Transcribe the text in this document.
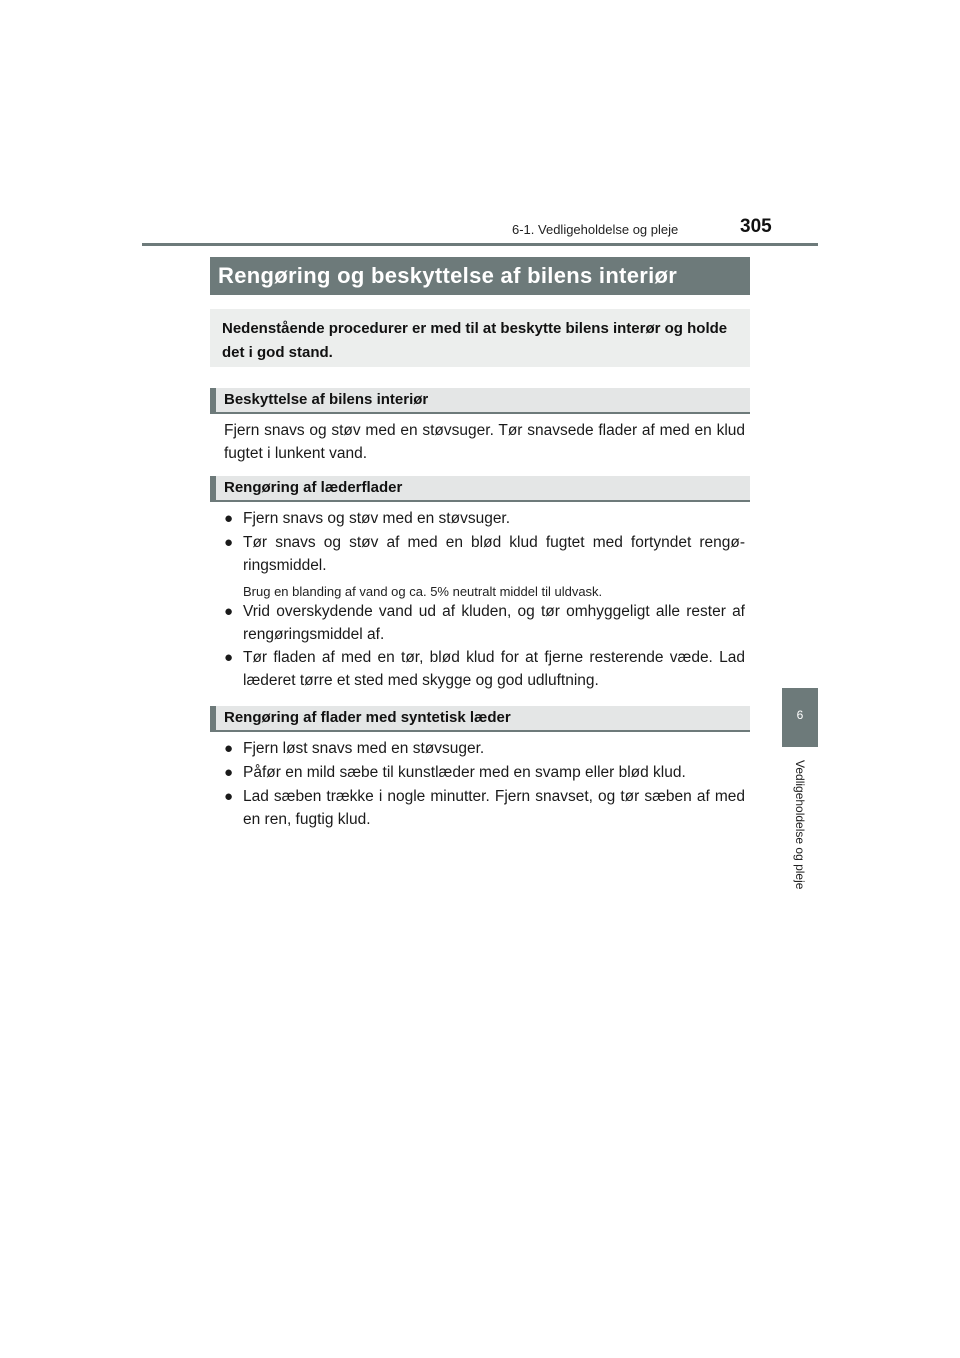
6-1. Vedligeholdelse og pleje	305
6
Vedligeholdelse og pleje
Rengøring og beskyttelse af bilens interiør
Nedenstående procedurer er med til at beskytte bilens interør og holde det i god stand.
Beskyttelse af bilens interiør
Fjern snavs og støv med en støvsuger. Tør snavsede flader af med en klud fugtet i lunkent vand.
Rengøring af læderflader
● Fjern snavs og støv med en støvsuger.
● Tør snavs og støv af med en blød klud fugtet med fortyndet rengø-ringsmiddel.
Brug en blanding af vand og ca. 5% neutralt middel til uldvask.
● Vrid overskydende vand ud af kluden, og tør omhyggeligt alle rester af rengøringsmiddel af.
● Tør fladen af med en tør, blød klud for at fjerne resterende væde. Lad læderet tørre et sted med skygge og god udluftning.
Rengøring af flader med syntetisk læder
● Fjern løst snavs med en støvsuger.
● Påfør en mild sæbe til kunstlæder med en svamp eller blød klud.
● Lad sæben trække i nogle minutter. Fjern snavset, og tør sæben af med en ren, fugtig klud.
